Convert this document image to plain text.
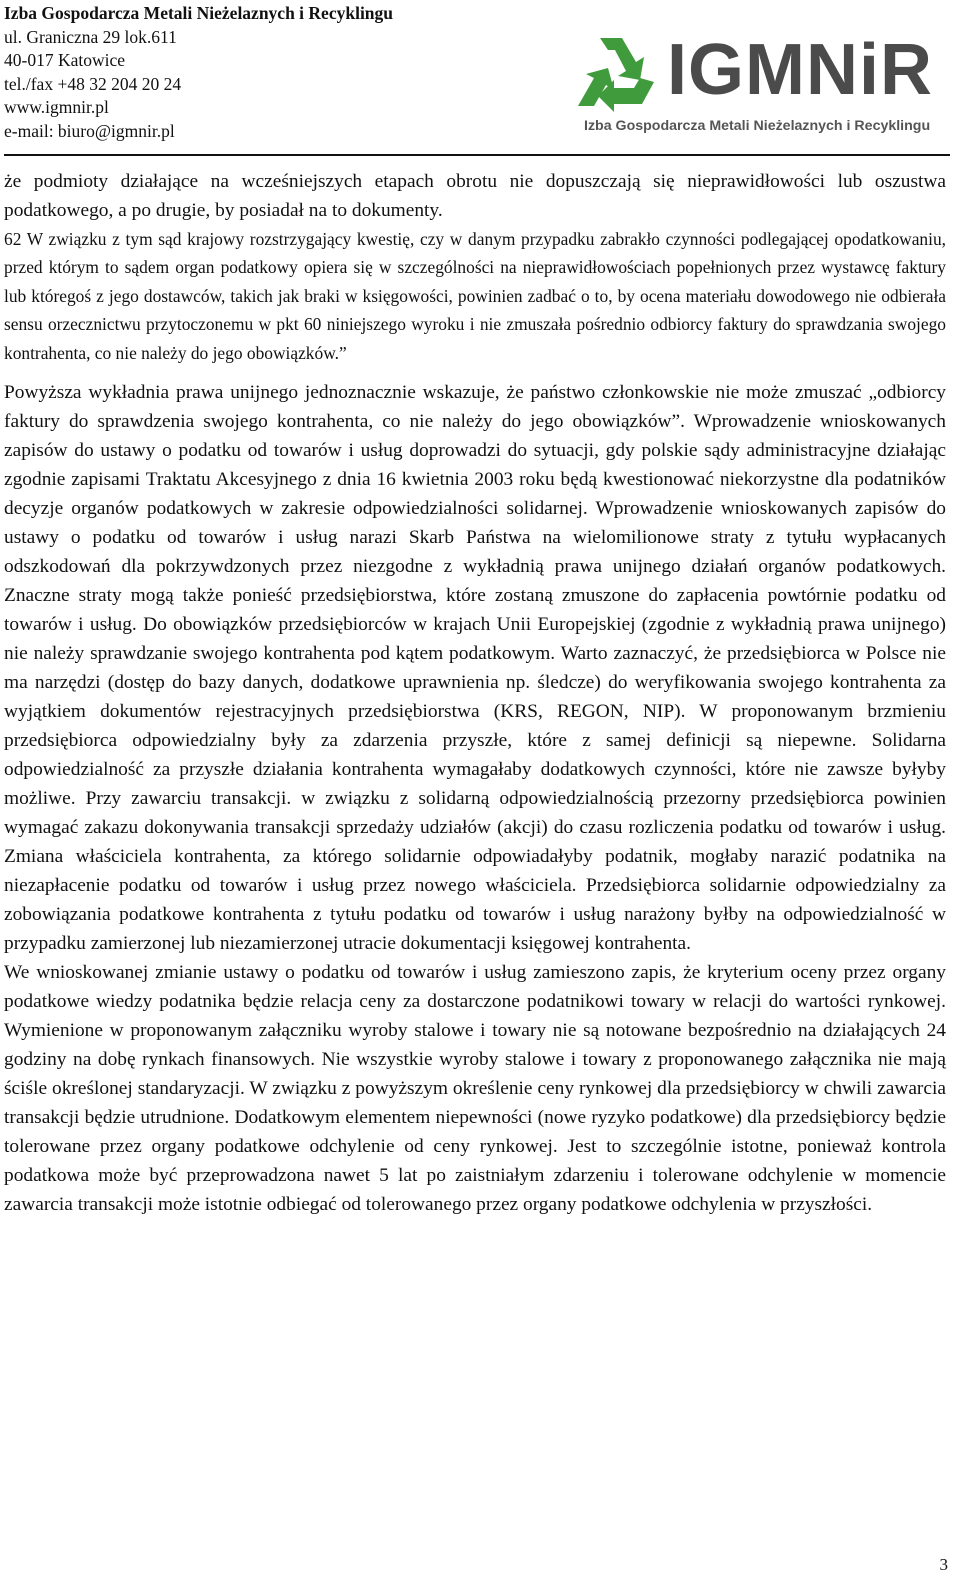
Izba Gospodarcza Metali Nieżelaznych i Recyklingu
ul. Graniczna 29 lok.611
40-017 Katowice
tel./fax +48 32 204 20 24
www.igmnir.pl
e-mail: biuro@igmnir.pl
IGMNiR
Izba Gospodarcza Metali Nieżelaznych i Recyklingu

że podmioty działające na wcześniejszych etapach obrotu nie dopuszczają się nieprawidłowości lub oszustwa podatkowego, a po drugie, by posiadał na to dokumenty.

62 W związku z tym sąd krajowy rozstrzygający kwestię, czy w danym przypadku zabrakło czynności podlegającej opodatkowaniu, przed którym to sądem organ podatkowy opiera się w szczególności na nieprawidłowościach popełnionych przez wystawcę faktury lub któregoś z jego dostawców, takich jak braki w księgowości, powinien zadbać o to, by ocena materiału dowodowego nie odbierała sensu orzecznictwu przytoczonemu w pkt 60 niniejszego wyroku i nie zmuszała pośrednio odbiorcy faktury do sprawdzania swojego kontrahenta, co nie należy do jego obowiązków.”

Powyższa wykładnia prawa unijnego jednoznacznie wskazuje, że państwo członkowskie nie może zmuszać „odbiorcy faktury do sprawdzenia swojego kontrahenta, co nie należy do jego obowiązków”. Wprowadzenie wnioskowanych zapisów do ustawy o podatku od towarów i usług doprowadzi do sytuacji, gdy polskie sądy administracyjne działając zgodnie zapisami Traktatu Akcesyjnego z dnia 16 kwietnia 2003 roku będą kwestionować niekorzystne dla podatników decyzje organów podatkowych w zakresie odpowiedzialności solidarnej. Wprowadzenie wnioskowanych zapisów do ustawy o podatku od towarów i usług narazi Skarb Państwa na wielomilionowe straty z tytułu wypłacanych odszkodowań dla pokrzywdzonych przez niezgodne z wykładnią prawa unijnego działań organów podatkowych. Znaczne straty mogą także ponieść przedsiębiorstwa, które zostaną zmuszone do zapłacenia powtórnie podatku od towarów i usług. Do obowiązków przedsiębiorców w krajach Unii Europejskiej (zgodnie z wykładnią prawa unijnego) nie należy sprawdzanie swojego kontrahenta pod kątem podatkowym. Warto zaznaczyć, że przedsiębiorca w Polsce nie ma narzędzi (dostęp do bazy danych, dodatkowe uprawnienia np. śledcze) do weryfikowania swojego kontrahenta za wyjątkiem dokumentów rejestracyjnych przedsiębiorstwa (KRS, REGON, NIP). W proponowanym brzmieniu przedsiębiorca odpowiedzialny były za zdarzenia przyszłe, które z samej definicji są niepewne. Solidarna odpowiedzialność za przyszłe działania kontrahenta wymagałaby dodatkowych czynności, które nie zawsze byłyby możliwe. Przy zawarciu transakcji. w związku z solidarną odpowiedzialnością przezorny przedsiębiorca powinien wymagać zakazu dokonywania transakcji sprzedaży udziałów (akcji) do czasu rozliczenia podatku od towarów i usług. Zmiana właściciela kontrahenta, za którego solidarnie odpowiadałyby podatnik, mogłaby narazić podatnika na niezapłacenie podatku od towarów i usług przez nowego właściciela. Przedsiębiorca solidarnie odpowiedzialny za zobowiązania podatkowe kontrahenta z tytułu podatku od towarów i usług narażony byłby na odpowiedzialność w przypadku zamierzonej lub niezamierzonej utracie dokumentacji księgowej kontrahenta.

We wnioskowanej zmianie ustawy o podatku od towarów i usług zamieszono zapis, że kryterium oceny przez organy podatkowe wiedzy podatnika będzie relacja ceny za dostarczone podatnikowi towary w relacji do wartości rynkowej. Wymienione w proponowanym załączniku wyroby stalowe i towary nie są notowane bezpośrednio na działających 24 godziny na dobę rynkach finansowych. Nie wszystkie wyroby stalowe i towary z proponowanego załącznika nie mają ściśle określonej standaryzacji. W związku z powyższym określenie ceny rynkowej dla przedsiębiorcy w chwili zawarcia transakcji będzie utrudnione. Dodatkowym elementem niepewności (nowe ryzyko podatkowe) dla przedsiębiorcy będzie tolerowane przez organy podatkowe odchylenie od ceny rynkowej. Jest to szczególnie istotne, ponieważ kontrola podatkowa może być przeprowadzona nawet 5 lat po zaistniałym zdarzeniu i tolerowane odchylenie w momencie zawarcia transakcji może istotnie odbiegać od tolerowanego przez organy podatkowe odchylenia w przyszłości.

3
